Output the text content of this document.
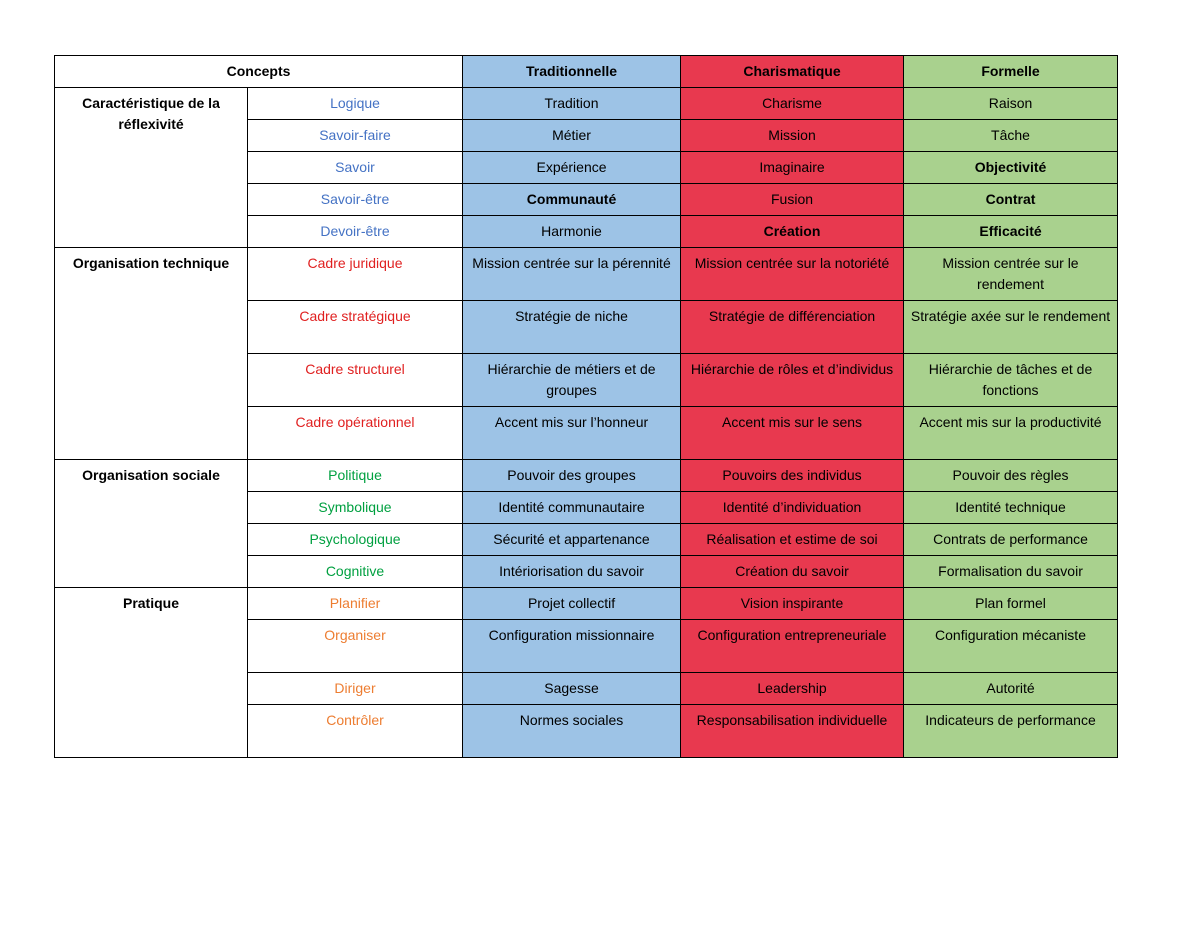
Concepts		Traditionnelle	Charismatique	Formelle
Caractéristique de la réflexivité	Logique	Tradition	Charisme	Raison
	Savoir-faire	Métier	Mission	Tâche
	Savoir	Expérience	Imaginaire	Objectivité
	Savoir-être	Communauté	Fusion	Contrat
	Devoir-être	Harmonie	Création	Efficacité
Organisation technique	Cadre juridique	Mission centrée sur la pérennité	Mission centrée sur la notoriété	Mission centrée sur le rendement
	Cadre stratégique	Stratégie de niche	Stratégie de différenciation	Stratégie axée sur le rendement
	Cadre structurel	Hiérarchie de métiers et de groupes	Hiérarchie de rôles et d’individus	Hiérarchie de tâches et de fonctions
	Cadre opérationnel	Accent mis sur l’honneur	Accent mis sur le sens	Accent mis sur la productivité
Organisation sociale	Politique	Pouvoir des groupes	Pouvoirs des individus	Pouvoir des règles
	Symbolique	Identité communautaire	Identité d’individuation	Identité technique
	Psychologique	Sécurité et appartenance	Réalisation et estime de soi	Contrats de performance
	Cognitive	Intériorisation du savoir	Création du savoir	Formalisation du savoir
Pratique	Planifier	Projet collectif	Vision inspirante	Plan formel
	Organiser	Configuration missionnaire	Configuration entrepreneuriale	Configuration mécaniste
	Diriger	Sagesse	Leadership	Autorité
	Contrôler	Normes sociales	Responsabilisation individuelle	Indicateurs de performance
